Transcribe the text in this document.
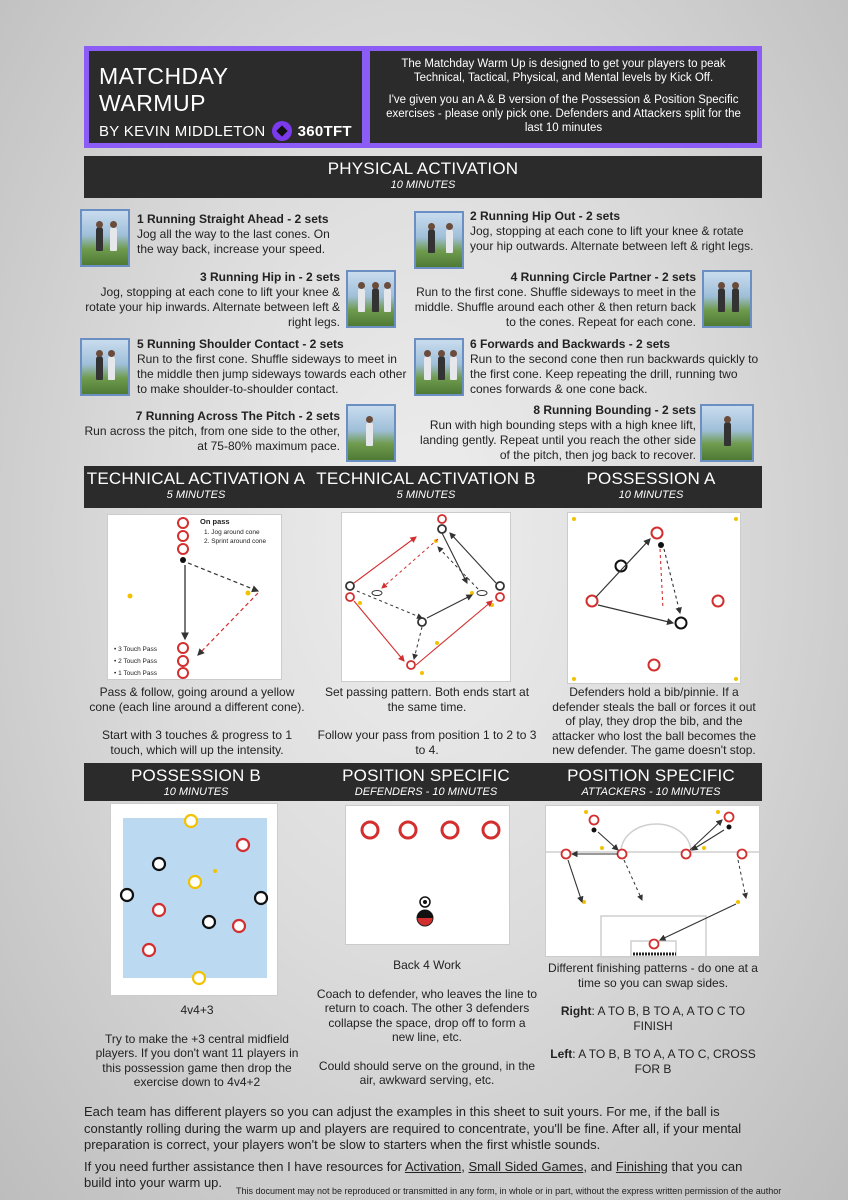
MATCHDAY
WARMUP
BY KEVIN MIDDLETON 360TFT

The Matchday Warm Up is designed to get your players to peak Technical, Tactical, Physical, and Mental levels by Kick Off.

I've given you an A & B version of the Possession & Position Specific exercises - please only pick one. Defenders and Attackers split for the last 10 minutes

PHYSICAL ACTIVATION
10 MINUTES
1 Running Straight Ahead - 2 sets
Jog all the way to the last cones. On the way back, increase your speed.
2 Running Hip Out - 2 sets
Jog, stopping at each cone to lift your knee & rotate your hip outwards. Alternate between left & right legs.
3 Running Hip in - 2 sets
Jog, stopping at each cone to lift your knee & rotate your hip inwards. Alternate between left & right legs.
4 Running Circle Partner - 2 sets
Run to the first cone. Shuffle sideways to meet in the middle. Shuffle around each other & then return back to the cones. Repeat for each cone.
5 Running Shoulder Contact - 2 sets
Run to the first cone. Shuffle sideways to meet in the middle then jump sideways towards each other to make shoulder-to-shoulder contact.
6 Forwards and Backwards - 2 sets
Run to the second cone then run backwards quickly to the first cone. Keep repeating the drill, running two cones forwards & one cone back.
7 Running Across The Pitch - 2 sets
Run across the pitch, from one side to the other, at 75-80% maximum pace.
8 Running Bounding - 2 sets
Run with high bounding steps with a high knee lift, landing gently. Repeat until you reach the other side of the pitch, then jog back to recover.
TECHNICAL ACTIVATION A
5 MINUTES
TECHNICAL ACTIVATION B
5 MINUTES
POSSESSION A
10 MINUTES
On pass
1. Jog around cone
2. Sprint around cone
• 3 Touch Pass
• 2 Touch Pass
• 1 Touch Pass

Pass & follow, going around a yellow cone (each line around a different cone).

Start with 3 touches & progress to 1 touch, which will up the intensity.

Set passing pattern. Both ends start at the same time.

Follow your pass from position 1 to 2 to 3 to 4.

Defenders hold a bib/pinnie. If a defender steals the ball or forces it out of play, they drop the bib, and the attacker who lost the ball becomes the new defender. The game doesn't stop.

POSSESSION B
10 MINUTES
POSITION SPECIFIC
DEFENDERS - 10 MINUTES
POSITION SPECIFIC
ATTACKERS - 10 MINUTES

4v4+3

Try to make the +3 central midfield players. If you don't want 11 players in this possession game then drop the exercise down to 4v4+2

Back 4 Work

Coach to defender, who leaves the line to return to coach. The other 3 defenders collapse the space, drop off to form a new line, etc.

Could should serve on the ground, in the air, awkward serving, etc.

Different finishing patterns - do one at a time so you can swap sides.

Right: A TO B, B TO A, A TO C TO FINISH

Left: A TO B, B TO A, A TO C, CROSS FOR B

Each team has different players so you can adjust the examples in this sheet to suit yours. For me, if the ball is constantly rolling during the warm up and players are required to concentrate, you'll be fine. After all, if your mental preparation is correct, your players won't be slow to starters when the first whistle sounds.

If you need further assistance then I have resources for Activation, Small Sided Games, and Finishing that you can build into your warm up.

This document may not be reproduced or transmitted in any form, in whole or in part, without the express written permission of the author
